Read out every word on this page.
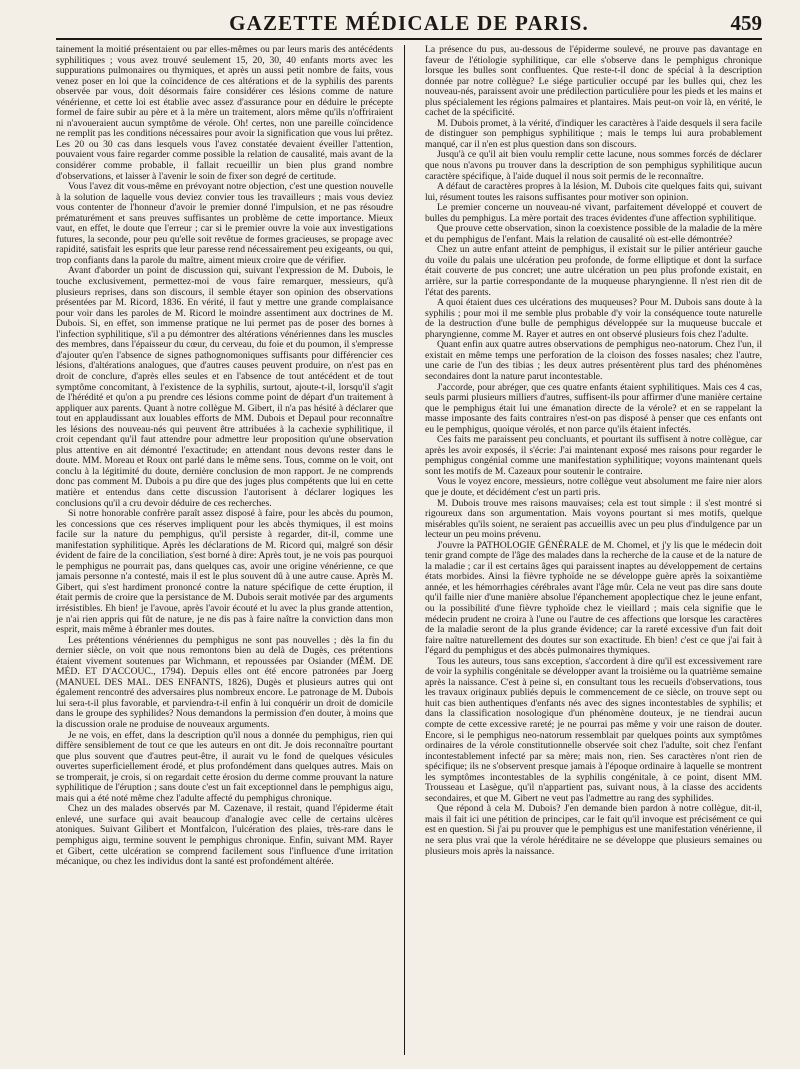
GAZETTE MÉDICALE DE PARIS.	459

tainement la moitié présentaient ou par elles-mêmes ou par leurs maris des antécédents syphilitiques ; vous avez trouvé seulement 15, 20, 30, 40 enfants morts avec les suppurations pulmonaires ou thymiques, et après un aussi petit nombre de faits, vous venez poser en loi que la coïncidence de ces altérations et de la syphilis des parents observée par vous, doit désormais faire considérer ces lésions comme de nature vénérienne, et cette loi est établie avec assez d'assurance pour en déduire le précepte formel de faire subir au père et à la mère un traitement, alors même qu'ils n'offriraient ni n'avoueraient aucun symptôme de vérole. Oh! certes, non une pareille coïncidence ne remplit pas les conditions nécessaires pour avoir la signification que vous lui prêtez. Les 20 ou 30 cas dans lesquels vous l'avez constatée devaient éveiller l'attention, pouvaient vous faire regarder comme possible la relation de causalité, mais avant de la considérer comme probable, il fallait recueillir un bien plus grand nombre d'observations, et laisser à l'avenir le soin de fixer son degré de certitude.

Vous l'avez dit vous-même en prévoyant notre objection, c'est une question nouvelle à la solution de laquelle vous deviez convier tous les travailleurs ; mais vous deviez vous contenter de l'honneur d'avoir le premier donné l'impulsion, et ne pas résoudre prématurément et sans preuves suffisantes un problème de cette importance. Mieux vaut, en effet, le doute que l'erreur ; car si le premier ouvre la voie aux investigations futures, la seconde, pour peu qu'elle soit revêtue de formes gracieuses, se propage avec rapidité, satisfait les esprits que leur paresse rend nécessairement peu exigeants, ou qui, trop confiants dans la parole du maître, aiment mieux croire que de vérifier.

Avant d'aborder un point de discussion qui, suivant l'expression de M. Dubois, le touche exclusivement, permettez-moi de vous faire remarquer, messieurs, qu'à plusieurs reprises, dans son discours, il semble étayer son opinion des observations présentées par M. Ricord, 1836. En vérité, il faut y mettre une grande complaisance pour voir dans les paroles de M. Ricord le moindre assentiment aux doctrines de M. Dubois. Si, en effet, son immense pratique ne lui permet pas de poser des bornes à l'infection syphilitique, s'il a pu démontrer des altérations vénériennes dans les muscles des membres, dans l'épaisseur du cœur, du cerveau, du foie et du poumon, il s'empresse d'ajouter qu'en l'absence de signes pathognomoniques suffisants pour différencier ces lésions, d'altérations analogues, que d'autres causes peuvent produire, on n'est pas en droit de conclure, d'après elles seules et en l'absence de tout antécédent et de tout symptôme concomitant, à l'existence de la syphilis, surtout, ajoute-t-il, lorsqu'il s'agit de l'hérédité et qu'on a pu prendre ces lésions comme point de départ d'un traitement à appliquer aux parents. Quant à notre collègue M. Gibert, il n'a pas hésité à déclarer que tout en applaudissant aux louables efforts de MM. Dubois et Depaul pour reconnaître les lésions des nouveau-nés qui peuvent être attribuées à la cachexie syphilitique, il croit cependant qu'il faut attendre pour admettre leur proposition qu'une observation plus attentive en ait démontré l'exactitude; en attendant nous devons rester dans le doute. MM. Moreau et Roux ont parlé dans le même sens. Tous, comme on le voit, ont conclu à la légitimité du doute, dernière conclusion de mon rapport. Je ne comprends donc pas comment M. Dubois a pu dire que des juges plus compétents que lui en cette matière et entendus dans cette discussion l'autorisent à déclarer logiques les conclusions qu'il a cru devoir déduire de ces recherches.

Si notre honorable confrère paraît assez disposé à faire, pour les abcès du poumon, les concessions que ces réserves impliquent pour les abcès thymiques, il est moins facile sur la nature du pemphigus, qu'il persiste à regarder, dit-il, comme une manifestation syphilitique. Après les déclarations de M. Ricord qui, malgré son désir évident de faire de la conciliation, s'est borné à dire: Après tout, je ne vois pas pourquoi le pemphigus ne pourrait pas, dans quelques cas, avoir une origine vénérienne, ce que jamais personne n'a contesté, mais il est le plus souvent dû à une autre cause. Après M. Gibert, qui s'est hardiment prononcé contre la nature spécifique de cette éruption, il était permis de croire que la persistance de M. Dubois serait motivée par des arguments irrésistibles. Eh bien! je l'avoue, après l'avoir écouté et lu avec la plus grande attention, je n'ai rien appris qui fût de nature, je ne dis pas à faire naître la conviction dans mon esprit, mais même à ébranler mes doutes.

Les prétentions vénériennes du pemphigus ne sont pas nouvelles ; dès la fin du dernier siècle, on voit que nous remontons bien au delà de Dugès, ces prétentions étaient vivement soutenues par Wichmann, et repoussées par Osiander (MÉM. DE MÉD. ET D'ACCOUC., 1794). Depuis elles ont été encore patronées par Joerg (MANUEL DES MAL. DES ENFANTS, 1826), Dugès et plusieurs autres qui ont également rencontré des adversaires plus nombreux encore. Le patronage de M. Dubois lui sera-t-il plus favorable, et parviendra-t-il enfin à lui conquérir un droit de domicile dans le groupe des syphilides? Nous demandons la permission d'en douter, à moins que la discussion orale ne produise de nouveaux arguments.

Je ne vois, en effet, dans la description qu'il nous a donnée du pemphigus, rien qui diffère sensiblement de tout ce que les auteurs en ont dit. Je dois reconnaître pourtant que plus souvent que d'autres peut-être, il aurait vu le fond de quelques vésicules ouvertes superficiellement érodé, et plus profondément dans quelques autres. Mais on se tromperait, je crois, si on regardait cette érosion du derme comme prouvant la nature syphilitique de l'éruption ; sans doute c'est un fait exceptionnel dans le pemphigus aigu, mais qui a été noté même chez l'adulte affecté du pemphigus chronique.

Chez un des malades observés par M. Cazenave, il restait, quand l'épiderme était enlevé, une surface qui avait beaucoup d'analogie avec celle de certains ulcères atoniques. Suivant Gilibert et Montfalcon, l'ulcération des plaies, très-rare dans le pemphigus aigu, termine souvent le pemphigus chronique. Enfin, suivant MM. Rayer et Gibert, cette ulcération se comprend facilement sous l'influence d'une irritation mécanique, ou chez les individus dont la santé est profondément altérée.

La présence du pus, au-dessous de l'épiderme soulevé, ne prouve pas davantage en faveur de l'étiologie syphilitique, car elle s'observe dans le pemphigus chronique lorsque les bulles sont confluentes. Que reste-t-il donc de spécial à la description donnée par notre collègue? Le siége particulier occupé par les bulles qui, chez les nouveau-nés, paraissent avoir une prédilection particulière pour les pieds et les mains et plus spécialement les régions palmaires et plantaires. Mais peut-on voir là, en vérité, le cachet de la spécificité.

M. Dubois promet, à la vérité, d'indiquer les caractères à l'aide desquels il sera facile de distinguer son pemphigus syphilitique ; mais le temps lui aura probablement manqué, car il n'en est plus question dans son discours.

Jusqu'à ce qu'il ait bien voulu remplir cette lacune, nous sommes forcés de déclarer que nous n'avons pu trouver dans la description de son pemphigus syphilitique aucun caractère spécifique, à l'aide duquel il nous soit permis de le reconnaître.

A défaut de caractères propres à la lésion, M. Dubois cite quelques faits qui, suivant lui, résument toutes les raisons suffisantes pour motiver son opinion.

Le premier concerne un nouveau-né vivant, parfaitement développé et couvert de bulles du pemphigus. La mère portait des traces évidentes d'une affection syphilitique.

Que prouve cette observation, sinon la coexistence possible de la maladie de la mère et du pemphigus de l'enfant. Mais la relation de causalité où est-elle démontrée?

Chez un autre enfant atteint de pemphigus, il existait sur le pilier antérieur gauche du voile du palais une ulcération peu profonde, de forme elliptique et dont la surface était couverte de pus concret; une autre ulcération un peu plus profonde existait, en arrière, sur la partie correspondante de la muqueuse pharyngienne. Il n'est rien dit de l'état des parents.

A quoi étaient dues ces ulcérations des muqueuses? Pour M. Dubois sans doute à la syphilis ; pour moi il me semble plus probable d'y voir la conséquence toute naturelle de la destruction d'une bulle de pemphigus développée sur la muqueuse buccale et pharyngienne, comme M. Rayer et autres en ont observé plusieurs fois chez l'adulte.

Quant enfin aux quatre autres observations de pemphigus neo-natorum. Chez l'un, il existait en même temps une perforation de la cloison des fosses nasales; chez l'autre, une carie de l'un des tibias ; les deux autres présentèrent plus tard des phénomènes secondaires dont la nature parut incontestable.

J'accorde, pour abréger, que ces quatre enfants étaient syphilitiques. Mais ces 4 cas, seuls parmi plusieurs milliers d'autres, suffisent-ils pour affirmer d'une manière certaine que le pemphigus était lui une émanation directe de la vérole? et en se rappelant la masse imposante des faits contraires n'est-on pas disposé à penser que ces enfants ont eu le pemphigus, quoique vérolés, et non parce qu'ils étaient infectés.

Ces faits me paraissent peu concluants, et pourtant ils suffisent à notre collègue, car après les avoir exposés, il s'écrie: J'ai maintenant exposé mes raisons pour regarder le pemphigus congénial comme une manifestation syphilitique; voyons maintenant quels sont les motifs de M. Cazeaux pour soutenir le contraire.

Vous le voyez encore, messieurs, notre collègue veut absolument me faire nier alors que je doute, et décidément c'est un parti pris.

M. Dubois trouve mes raisons mauvaises; cela est tout simple : il s'est montré si rigoureux dans son argumentation. Mais voyons pourtant si mes motifs, quelque misérables qu'ils soient, ne seraient pas accueillis avec un peu plus d'indulgence par un lecteur un peu moins prévenu.

J'ouvre la PATHOLOGIE GÉNÉRALE de M. Chomel, et j'y lis que le médecin doit tenir grand compte de l'âge des malades dans la recherche de la cause et de la nature de la maladie ; car il est certains âges qui paraissent inaptes au développement de certains états morbides. Ainsi la fièvre typhoïde ne se développe guère après la soixantième année, et les hémorrhagies cérébrales avant l'âge mûr. Cela ne veut pas dire sans doute qu'il faille nier d'une manière absolue l'épanchement apoplectique chez le jeune enfant, ou la possibilité d'une fièvre typhoïde chez le vieillard ; mais cela signifie que le médecin prudent ne croira à l'une ou l'autre de ces affections que lorsque les caractères de la maladie seront de la plus grande évidence; car la rareté excessive d'un fait doit faire naître naturellement des doutes sur son exactitude. Eh bien! c'est ce que j'ai fait à l'égard du pemphigus et des abcès pulmonaires thymiques.

Tous les auteurs, tous sans exception, s'accordent à dire qu'il est excessivement rare de voir la syphilis congénitale se développer avant la troisième ou la quatrième semaine après la naissance. C'est à peine si, en consultant tous les recueils d'observations, tous les travaux originaux publiés depuis le commencement de ce siècle, on trouve sept ou huit cas bien authentiques d'enfants nés avec des signes incontestables de syphilis; et dans la classification nosologique d'un phénomène douteux, je ne tiendrai aucun compte de cette excessive rareté; je ne pourrai pas même y voir une raison de douter. Encore, si le pemphigus neo-natorum ressemblait par quelques points aux symptômes ordinaires de la vérole constitutionnelle observée soit chez l'adulte, soit chez l'enfant incontestablement infecté par sa mère; mais non, rien. Ses caractères n'ont rien de spécifique; ils ne s'observent presque jamais à l'époque ordinaire à laquelle se montrent les symptômes incontestables de la syphilis congénitale, à ce point, disent MM. Trousseau et Lasègue, qu'il n'appartient pas, suivant nous, à la classe des accidents secondaires, et que M. Gibert ne veut pas l'admettre au rang des syphilides.

Que répond à cela M. Dubois? J'en demande bien pardon à notre collègue, dit-il, mais il fait ici une pétition de principes, car le fait qu'il invoque est précisément ce qui est en question. Si j'ai pu prouver que le pemphigus est une manifestation vénérienne, il ne sera plus vrai que la vérole héréditaire ne se développe que plusieurs semaines ou plusieurs mois après la naissance.
